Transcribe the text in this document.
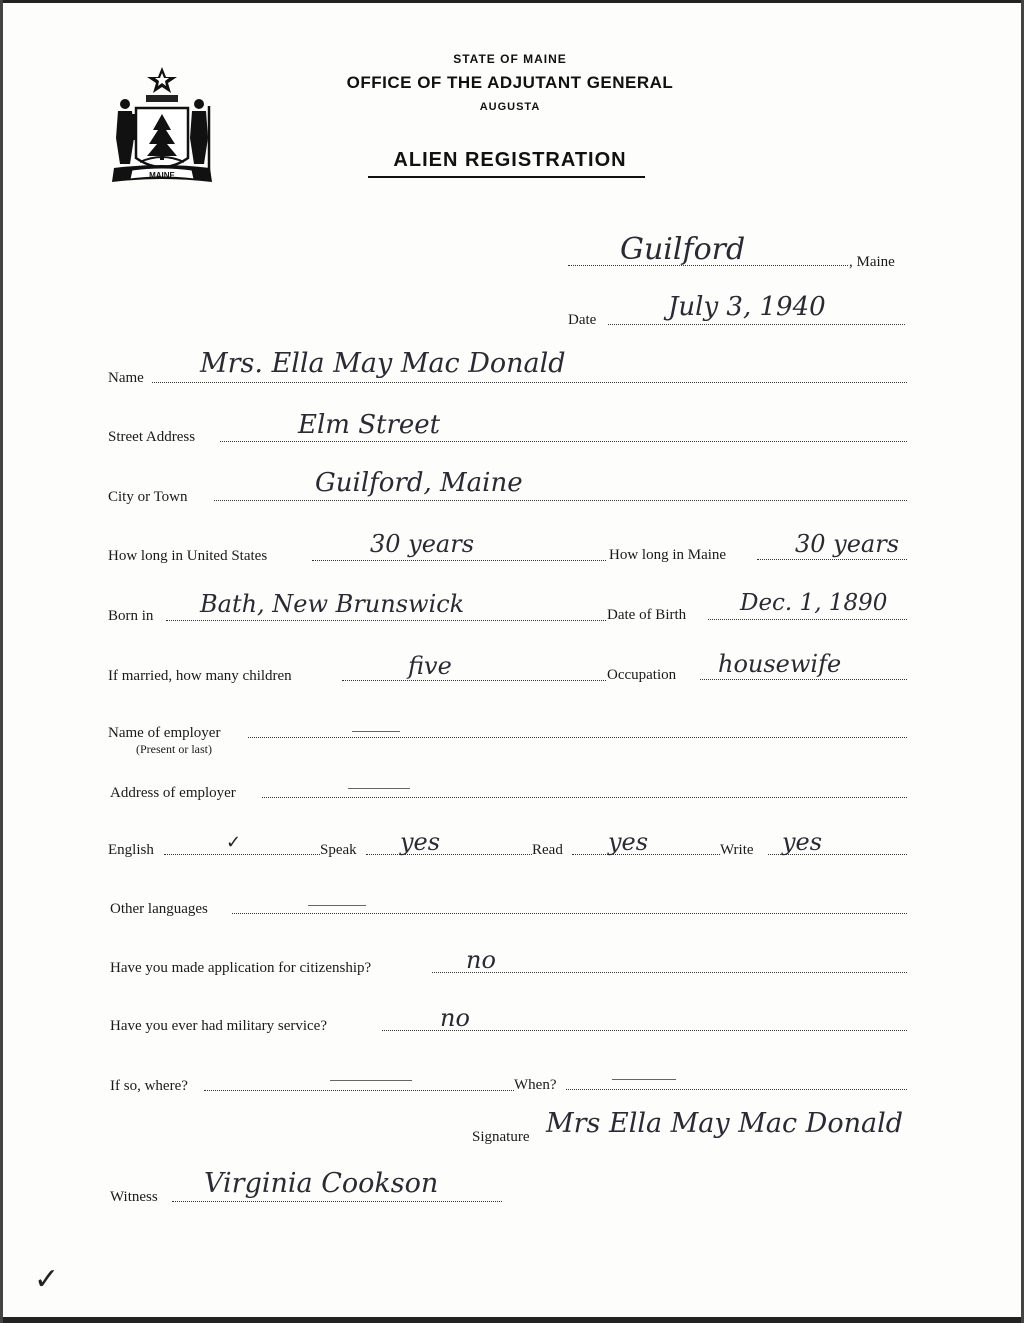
MAINE
STATE OF MAINE
OFFICE OF THE ADJUTANT GENERAL
AUGUSTA
ALIEN REGISTRATION
Guilford	, Maine
Date	July 3, 1940
Name Mrs. Ella May Mac Donald
Street Address	Elm Street
City or Town	Guilford, Maine
How long in United States	30 years	How long in Maine	30 years
Born in Bath, New Brunswick	Date of Birth Dec. 1, 1890
If married, how many children	five	Occupation housewife
Name of employer
(Present or last)
Address of employer
English	✓	Speak yes	Read yes	Write yes
Other languages
Have you made application for citizenship?	no
Have you ever had military service?	no
If so, where?	When?
Signature Mrs Ella May Mac Donald
Witness Virginia Cookson
✓
